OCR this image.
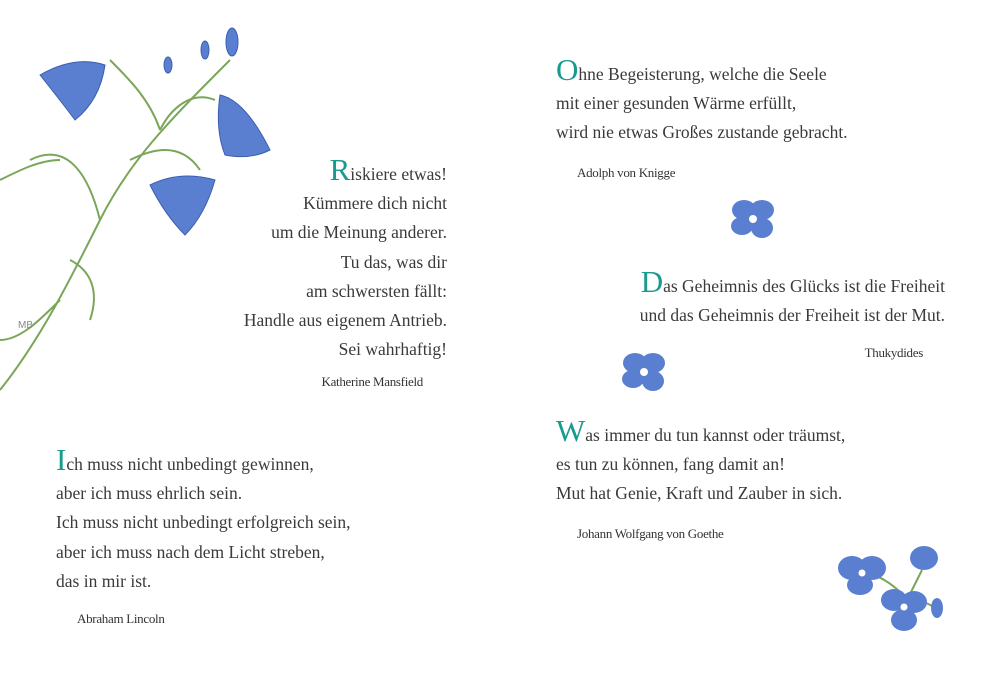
MB
Riskiere etwas!
Kümmere dich nicht
um die Meinung anderer.
Tu das, was dir
am schwersten fällt:
Handle aus eigenem Antrieb.
Sei wahrhaftig!
Katherine Mansfield
Ich muss nicht unbedingt gewinnen,
aber ich muss ehrlich sein.
Ich muss nicht unbedingt erfolgreich sein,
aber ich muss nach dem Licht streben,
das in mir ist.
Abraham Lincoln
Ohne Begeisterung, welche die Seele
mit einer gesunden Wärme erfüllt,
wird nie etwas Großes zustande gebracht.
Adolph von Knigge
Das Geheimnis des Glücks ist die Freiheit
und das Geheimnis der Freiheit ist der Mut.
Thukydides
Was immer du tun kannst oder träumst,
es tun zu können, fang damit an!
Mut hat Genie, Kraft und Zauber in sich.
Johann Wolfgang von Goethe
